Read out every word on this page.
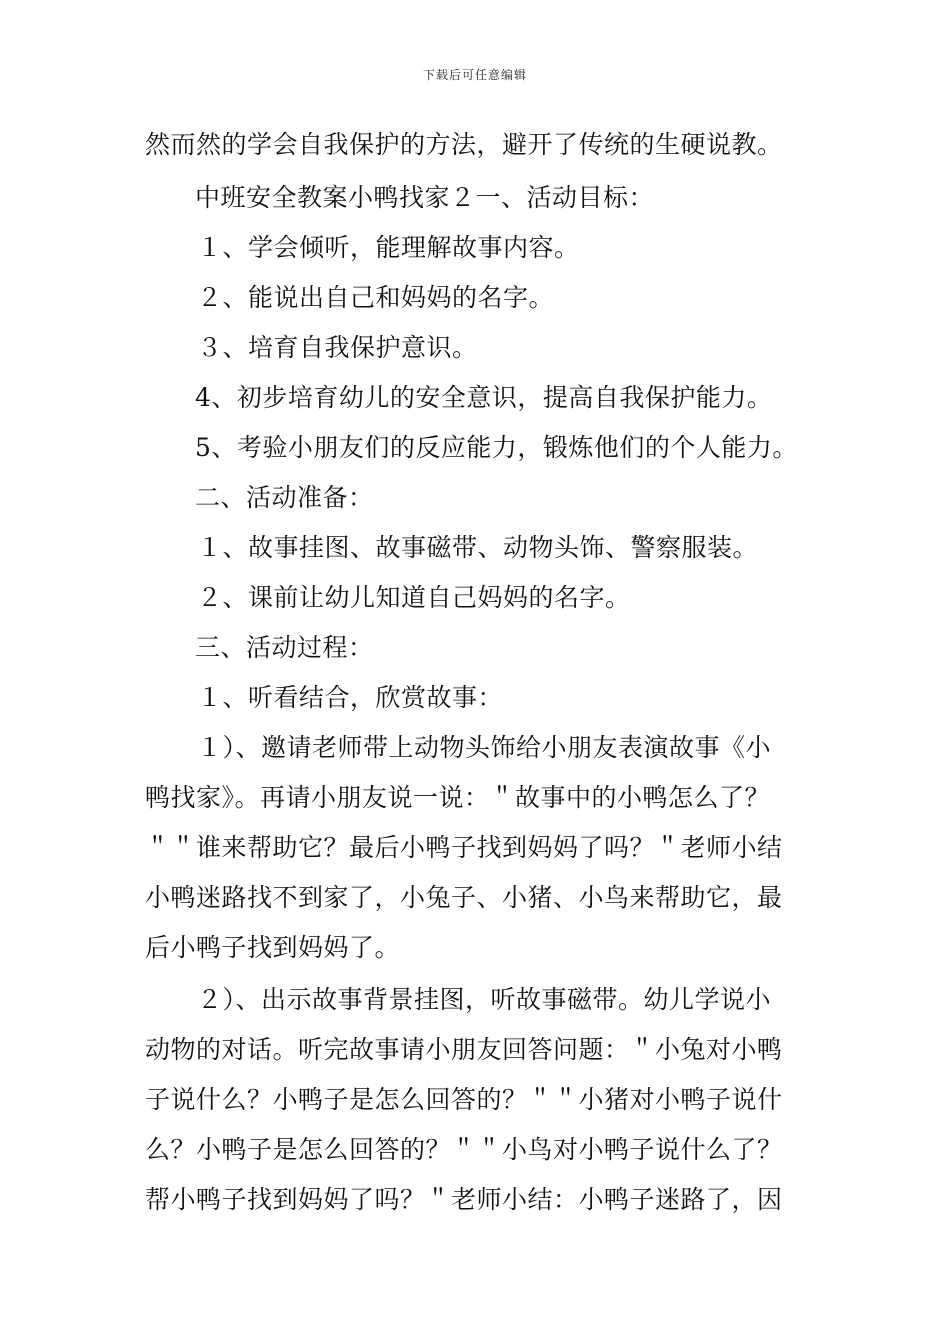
下载后可任意编辑
然而然的学会自我保护的方法，避开了传统的生硬说教。
中班安全教案小鸭找家２一、活动目标：
１、学会倾听，能理解故事内容。
２、能说出自己和妈妈的名字。
３、培育自我保护意识。
4、初步培育幼儿的安全意识，提高自我保护能力。
5、考验小朋友们的反应能力，锻炼他们的个人能力。
二、活动准备：
１、故事挂图、故事磁带、动物头饰、警察服装。
２、课前让幼儿知道自己妈妈的名字。
三、活动过程：
１、听看结合，欣赏故事：
１）、邀请老师带上动物头饰给小朋友表演故事《小
鸭找家》。再请小朋友说一说：＂故事中的小鸭怎么了？
＂＂谁来帮助它？最后小鸭子找到妈妈了吗？＂老师小结
小鸭迷路找不到家了，小兔子、小猪、小鸟来帮助它，最
后小鸭子找到妈妈了。
２）、出示故事背景挂图，听故事磁带。幼儿学说小
动物的对话。听完故事请小朋友回答问题：＂小兔对小鸭
子说什么？小鸭子是怎么回答的？＂＂小猪对小鸭子说什
么？小鸭子是怎么回答的？＂＂小鸟对小鸭子说什么了？
帮小鸭子找到妈妈了吗？＂老师小结：小鸭子迷路了，因
